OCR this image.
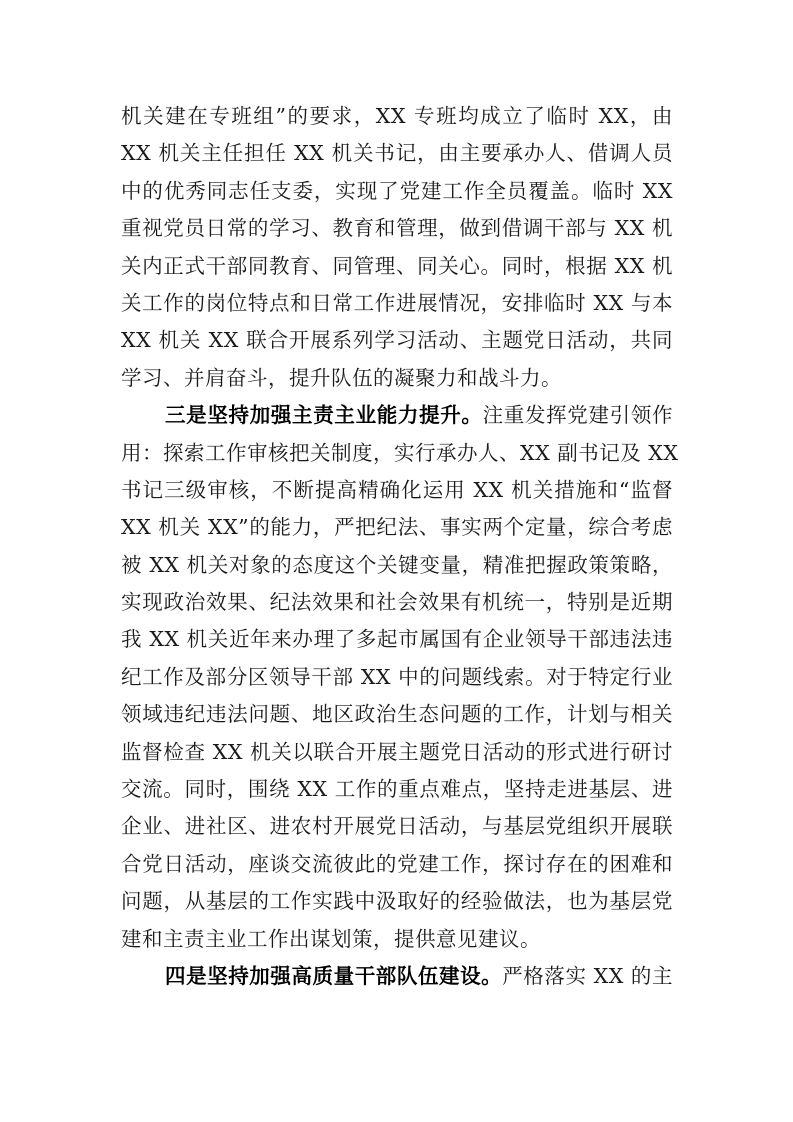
机关建在专班组”的要求，XX 专班均成立了临时 XX，由
XX 机关主任担任 XX 机关书记，由主要承办人、借调人员
中的优秀同志任支委，实现了党建工作全员覆盖。临时 XX
重视党员日常的学习、教育和管理，做到借调干部与 XX 机
关内正式干部同教育、同管理、同关心。同时，根据 XX 机
关工作的岗位特点和日常工作进展情况，安排临时 XX 与本
XX 机关 XX 联合开展系列学习活动、主题党日活动，共同
学习、并肩奋斗，提升队伍的凝聚力和战斗力。
三是坚持加强主责主业能力提升。注重发挥党建引领作
用：探索工作审核把关制度，实行承办人、XX 副书记及 XX
书记三级审核，不断提高精确化运用 XX 机关措施和“监督
XX 机关 XX”的能力，严把纪法、事实两个定量，综合考虑
被 XX 机关对象的态度这个关键变量，精准把握政策策略，
实现政治效果、纪法效果和社会效果有机统一，特别是近期
我 XX 机关近年来办理了多起市属国有企业领导干部违法违
纪工作及部分区领导干部 XX 中的问题线索。对于特定行业
领域违纪违法问题、地区政治生态问题的工作，计划与相关
监督检查 XX 机关以联合开展主题党日活动的形式进行研讨
交流。同时，围绕 XX 工作的重点难点，坚持走进基层、进
企业、进社区、进农村开展党日活动，与基层党组织开展联
合党日活动，座谈交流彼此的党建工作，探讨存在的困难和
问题，从基层的工作实践中汲取好的经验做法，也为基层党
建和主责主业工作出谋划策，提供意见建议。
四是坚持加强高质量干部队伍建设。严格落实 XX 的主
